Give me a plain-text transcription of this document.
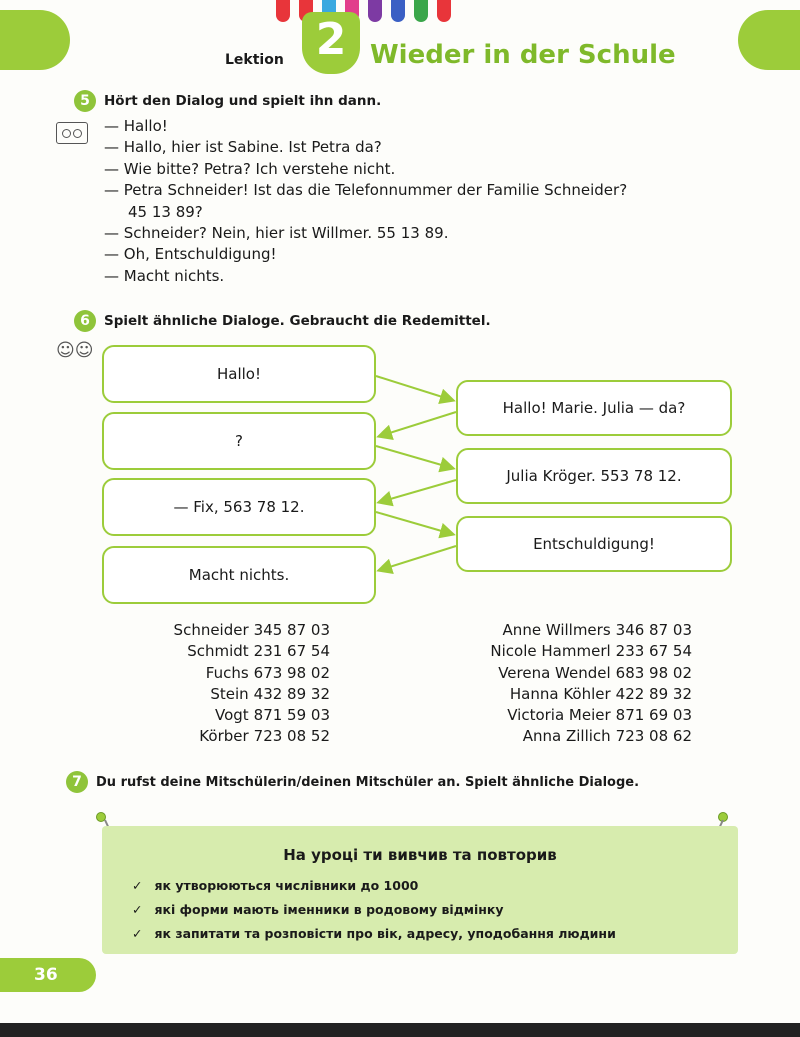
Lektion 2 Wieder in der Schule
5	Hört den Dialog und spielt ihn dann.

— Hallo!

— Hallo, hier ist Sabine. Ist Petra da?

— Wie bitte? Petra? Ich verstehe nicht.

— Petra Schneider! Ist das die Telefonnummer der Familie Schneider?

45 13 89?

— Schneider? Nein, hier ist Willmer. 55 13 89.

— Oh, Entschuldigung!

— Macht nichts.

6	Spielt ähnliche Dialoge. Gebraucht die Redemittel.
☺☺
Hallo!
?
— Fix, 563 78 12.
Macht nichts.
Hallo! Marie. Julia — da?
Julia Kröger. 553 78 12.
Entschuldigung!
Schneider 345 87 03
Schmidt 231 67 54
Fuchs 673 98 02
Stein 432 89 32
Vogt 871 59 03
Körber 723 08 52
Anne Willmers 346 87 03
Nicole Hammerl 233 67 54
Verena Wendel 683 98 02
Hanna Köhler 422 89 32
Victoria Meier 871 69 03
Anna Zillich 723 08 62
7	Du rufst deine Mitschülerin/deinen Mitschüler an. Spielt ähnliche Dialoge.
На уроці ти вивчив та повторив
✓ як утворюються числівники до 1000
✓ які форми мають іменники в родовому відмінку
✓ як запитати та розповісти про вік, адресу, уподобання людини
36
